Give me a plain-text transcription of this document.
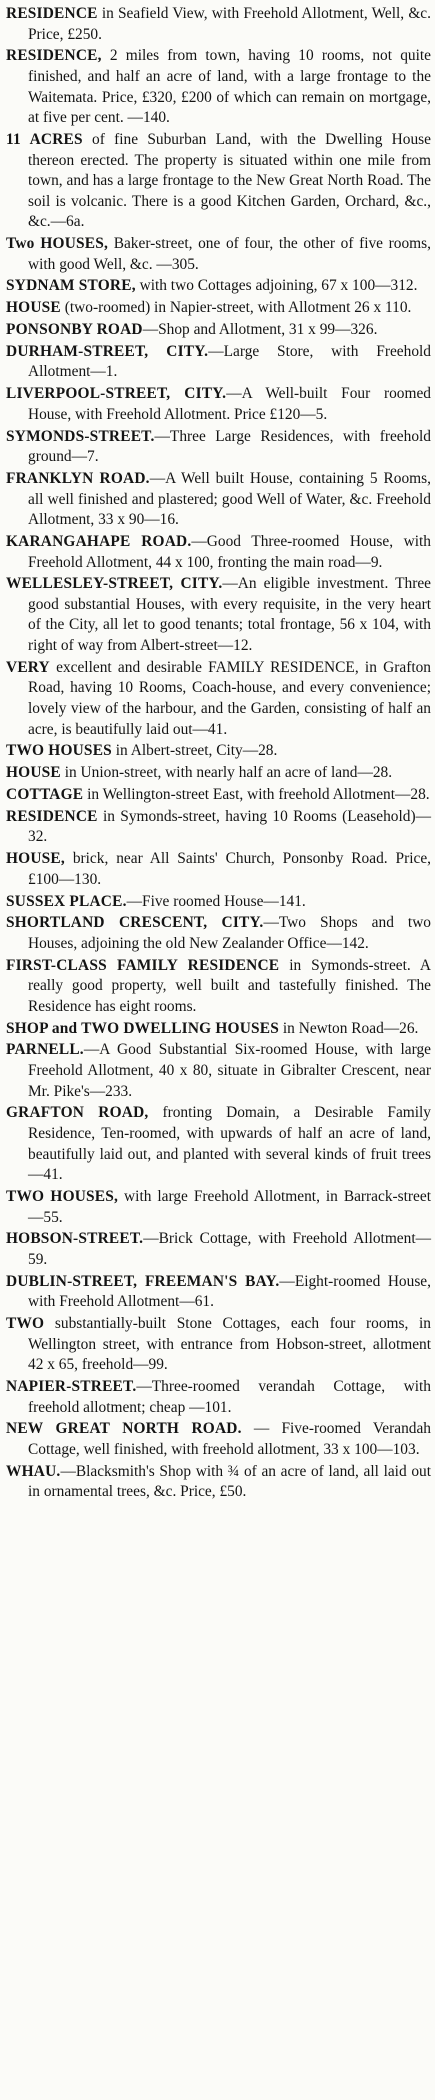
RESIDENCE in Seafield View, with Freehold Allotment, Well, &c. Price, £250.
RESIDENCE, 2 miles from town, having 10 rooms, not quite finished, and half an acre of land, with a large frontage to the Waitemata. Price, £320, £200 of which can remain on mortgage, at five per cent. —140.
11 ACRES of fine Suburban Land, with the Dwelling House thereon erected. The property is situated within one mile from town, and has a large frontage to the New Great North Road. The soil is volcanic. There is a good Kitchen Garden, Orchard, &c., &c.—6a.
Two HOUSES, Baker-street, one of four, the other of five rooms, with good Well, &c. —305.
SYDNAM STORE, with two Cottages adjoining, 67 x 100—312.
HOUSE (two-roomed) in Napier-street, with Allotment 26 x 110.
PONSONBY ROAD—Shop and Allotment, 31 x 99—326.
DURHAM-STREET, CITY.—Large Store, with Freehold Allotment—1.
LIVERPOOL-STREET, CITY.—A Well-built Four roomed House, with Freehold Allotment. Price £120—5.
SYMONDS-STREET.—Three Large Residences, with freehold ground—7.
FRANKLYN ROAD.—A Well built House, containing 5 Rooms, all well finished and plastered; good Well of Water, &c. Freehold Allotment, 33 x 90—16.
KARANGAHAPE ROAD.—Good Three-roomed House, with Freehold Allotment, 44 x 100, fronting the main road—9.
WELLESLEY-STREET, CITY.—An eligible investment. Three good substantial Houses, with every requisite, in the very heart of the City, all let to good tenants; total frontage, 56 x 104, with right of way from Albert-street—12.
VERY excellent and desirable FAMILY RESIDENCE, in Grafton Road, having 10 Rooms, Coach-house, and every convenience; lovely view of the harbour, and the Garden, consisting of half an acre, is beautifully laid out—41.
TWO HOUSES in Albert-street, City—28.
HOUSE in Union-street, with nearly half an acre of land—28.
COTTAGE in Wellington-street East, with freehold Allotment—28.
RESIDENCE in Symonds-street, having 10 Rooms (Leasehold)—32.
HOUSE, brick, near All Saints' Church, Ponsonby Road. Price, £100—130.
SUSSEX PLACE.—Five roomed House—141.
SHORTLAND CRESCENT, CITY.—Two Shops and two Houses, adjoining the old New Zealander Office—142.
FIRST-CLASS FAMILY RESIDENCE in Symonds-street. A really good property, well built and tastefully finished. The Residence has eight rooms.
SHOP and TWO DWELLING HOUSES in Newton Road—26.
PARNELL.—A Good Substantial Six-roomed House, with large Freehold Allotment, 40 x 80, situate in Gibralter Crescent, near Mr. Pike's—233.
GRAFTON ROAD, fronting Domain, a Desirable Family Residence, Ten-roomed, with upwards of half an acre of land, beautifully laid out, and planted with several kinds of fruit trees—41.
TWO HOUSES, with large Freehold Allotment, in Barrack-street—55.
HOBSON-STREET.—Brick Cottage, with Freehold Allotment—59.
DUBLIN-STREET, FREEMAN'S BAY.—Eight-roomed House, with Freehold Allotment—61.
TWO substantially-built Stone Cottages, each four rooms, in Wellington street, with entrance from Hobson-street, allotment 42 x 65, freehold—99.
NAPIER-STREET.—Three-roomed verandah Cottage, with freehold allotment; cheap —101.
NEW GREAT NORTH ROAD. — Five-roomed Verandah Cottage, well finished, with freehold allotment, 33 x 100—103.
WHAU.—Blacksmith's Shop with ¾ of an acre of land, all laid out in ornamental trees, &c. Price, £50.
